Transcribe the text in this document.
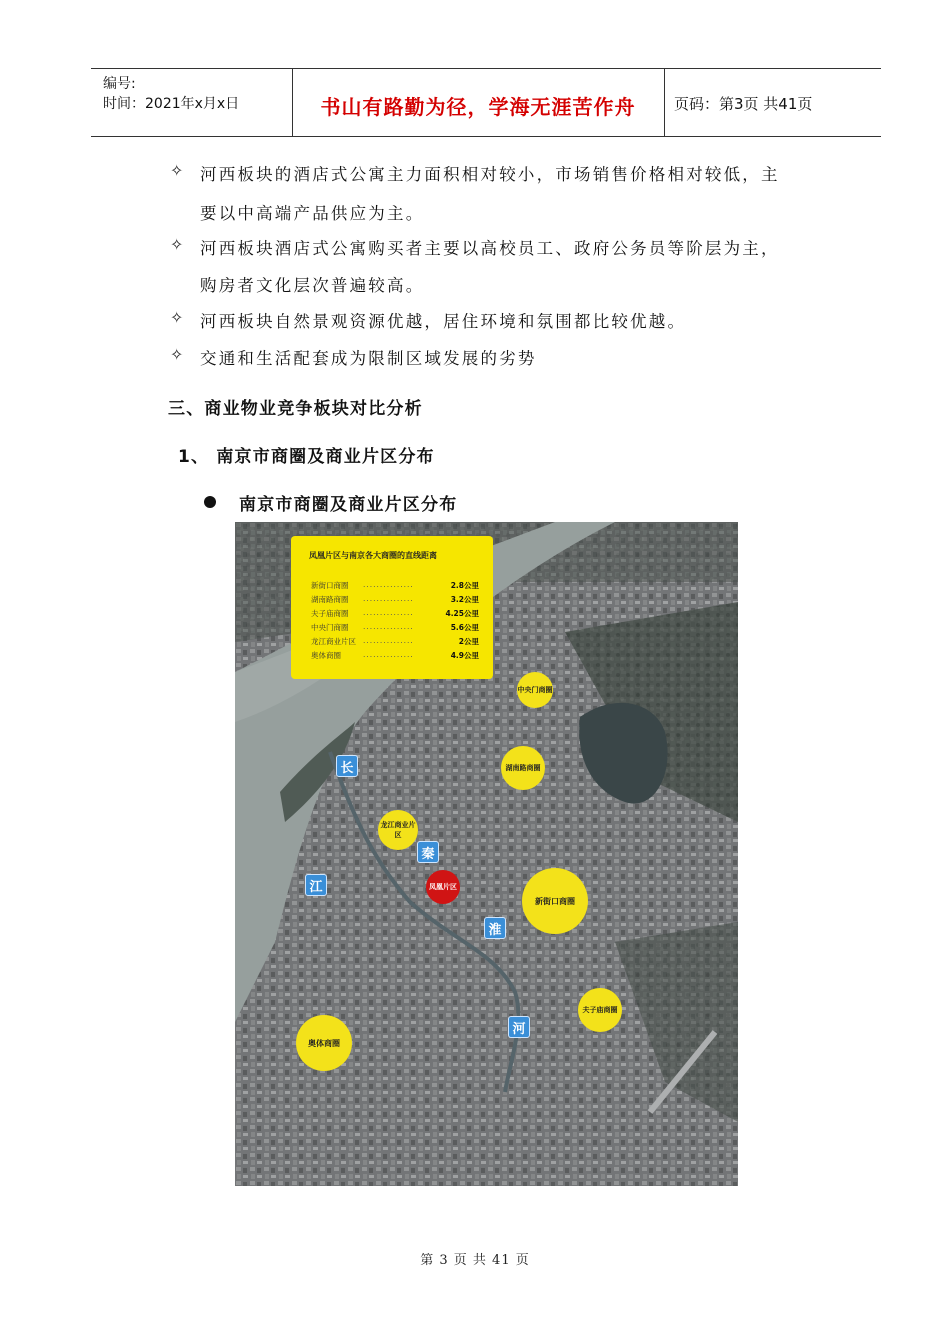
编号:
时间：2021年x月x日	书山有路勤为径，学海无涯苦作舟	页码：第3页 共41页
✧ 河西板块的酒店式公寓主力面积相对较小，市场销售价格相对较低，主
要以中高端产品供应为主。
✧ 河西板块酒店式公寓购买者主要以高校员工、政府公务员等阶层为主，
购房者文化层次普遍较高。
✧ 河西板块自然景观资源优越，居住环境和氛围都比较优越。
✧ 交通和生活配套成为限制区域发展的劣势
三、商业物业竞争板块对比分析
1、 南京市商圈及商业片区分布
南京市商圈及商业片区分布
凤凰片区与南京各大商圈的直线距离
新街口商圈 ...............	2.8公里
湖南路商圈 ...............	3.2公里
夫子庙商圈 ...............	4.25公里
中央门商圈 ...............	5.6公里
龙江商业片区 ...............	2公里
奥体商圈	...............	4.9公里
中央门商圈
湖南路商圈
龙江商业片区
凤凰片区
新街口商圈
夫子庙商圈
奥体商圈
长
江
秦
淮
河
第 3 页 共 41 页
